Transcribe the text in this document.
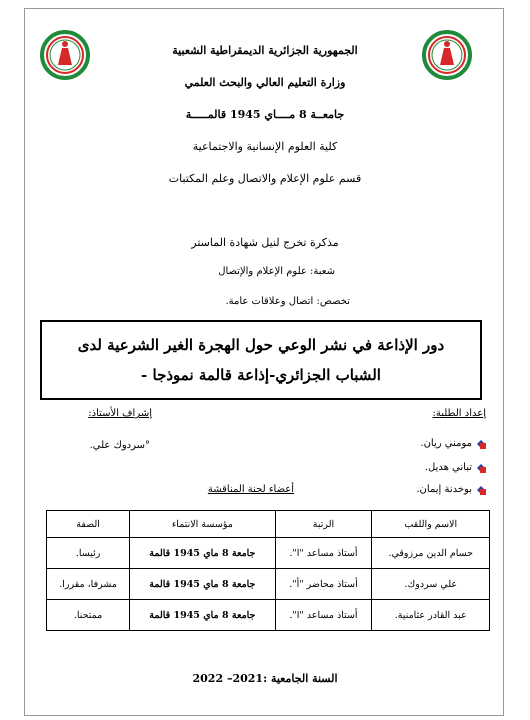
الجمهورية الجزائرية الديمقراطية الشعبية
وزارة التعليم العالي والبحث العلمي
جامعــة 8 مــــاي 1945 قالمـــــة
كلية العلوم الإنسانية والاجتماعية
قسم علوم الإعلام والاتصال وعلم المكتبات
مذكرة تخرج لنيل شهادة الماستر
شعبة: علوم الإعلام والإتصال
تخصص: اتصال وعلاقات عامة.
دور الإذاعة في نشر الوعي حول الهجرة الغير الشرعية لدى
الشباب الجزائري-إذاعة قالمة نموذجا -
إعداد الطلبة:
مومني ريان.
تباني هديل.
بوخدنة إيمان.
إشراف الأستاذ:
°سردوك علي.
أعضاء لجنة المناقشة
الاسم واللقب	الرتبة	مؤسسة الانتماء	الصفة
حسام الدين مرزوقي.	أستاذ مساعد "ا".	جامعة 8 ماي 1945 قالمة	رئيسا.
علي سردوك.	أستاذ محاضر "أ".	جامعة 8 ماي 1945 قالمة	مشرفا، مقررا.
عبد القادر عثامنية.	أستاذ مساعد "ا".	جامعة 8 ماي 1945 قالمة	ممتحنا.
السنة الجامعية :2021– 2022
